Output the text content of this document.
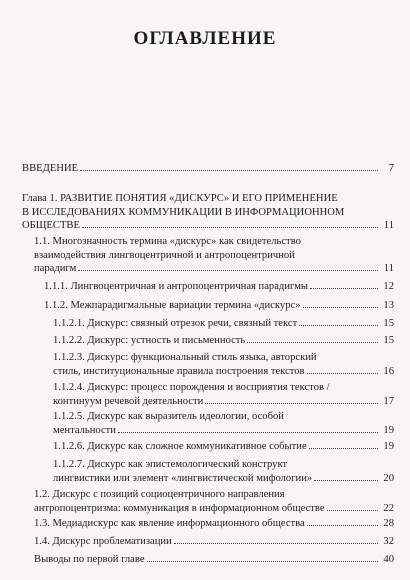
ОГЛАВЛЕНИЕ
ВВЕДЕНИЕ	7
Глава 1. РАЗВИТИЕ ПОНЯТИЯ «ДИСКУРС» И ЕГО ПРИМЕНЕНИЕ
В ИССЛЕДОВАНИЯХ КОММУНИКАЦИИ В ИНФОРМАЦИОННОМ
ОБЩЕСТВЕ	11
1.1. Многозначность термина «дискурс» как свидетельство
взаимодействия лингвоцентричной и антропоцентричной
парадигм	11
1.1.1. Лингвоцентричная и антропоцентричная парадигмы	12
1.1.2. Межпарадигмальные вариации термина «дискурс»	13
1.1.2.1. Дискурс: связный отрезок речи, связный текст	15
1.1.2.2. Дискурс: устность и письменность	15
1.1.2.3. Дискурс: функциональный стиль языка, авторский
стиль, институциональные правила построения текстов	16
1.1.2.4. Дискурс: процесс порождения и восприятия текстов /
континуум речевой деятельности	17
1.1.2.5. Дискурс как выразитель идеологии, особой
ментальности	19
1.1.2.6. Дискурс как сложное коммуникативное событие	19
1.1.2.7. Дискурс как эпистемологический конструкт
лингвистики или элемент «лингвистической мифологии»	20
1.2. Дискурс с позиций социоцентричного направления
антропоцентризма: коммуникация в информационном обществе	22
1.3. Медиадискурс как явление информационного общества	28
1.4. Дискурс проблематизации	32
Выводы по первой главе	40
